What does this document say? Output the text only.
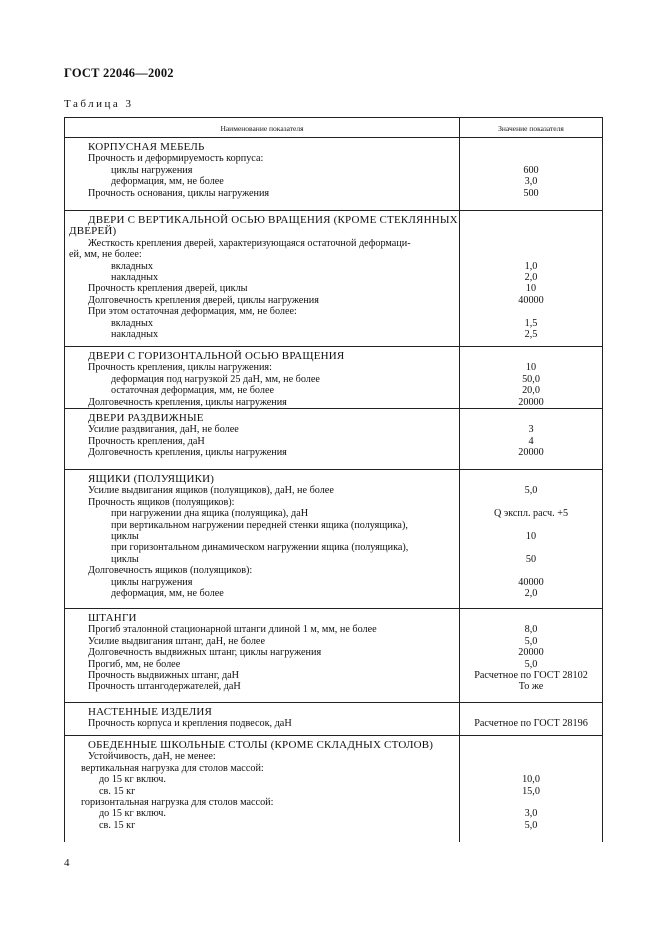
ГОСТ 22046—2002
Таблица 3
Наименование показателя	Значение показателя
КОРПУСНАЯ МЕБЕЛЬ
Прочность и деформируемость корпуса:
циклы нагружения	600
деформация, мм, не более	3,0
Прочность основания, циклы нагружения	500
ДВЕРИ С ВЕРТИКАЛЬНОЙ ОСЬЮ ВРАЩЕНИЯ (КРОМЕ СТЕКЛЯННЫХ
ДВЕРЕЙ)
Жесткость крепления дверей, характеризующаяся остаточной деформаци-
ей, мм, не более:
вкладных	1,0
накладных	2,0
Прочность крепления дверей, циклы	10
Долговечность крепления дверей, циклы нагружения	40000
При этом остаточная деформация, мм, не более:
вкладных	1,5
накладных	2,5
ДВЕРИ С ГОРИЗОНТАЛЬНОЙ ОСЬЮ ВРАЩЕНИЯ
Прочность крепления, циклы нагружения:	10
деформация под нагрузкой 25 даН, мм, не более	50,0
остаточная деформация, мм, не более	20,0
Долговечность крепления, циклы нагружения	20000
ДВЕРИ РАЗДВИЖНЫЕ
Усилие раздвигания, даН, не более	3
Прочность крепления, даН	4
Долговечность крепления, циклы нагружения	20000
ЯЩИКИ (ПОЛУЯЩИКИ)
Усилие выдвигания ящиков (полуящиков), даН, не более	5,0
Прочность ящиков (полуящиков):
при нагружении дна ящика (полуящика), даН	Q экспл. расч. +5
при вертикальном нагружении передней стенки ящика (полуящика),
циклы	10
при горизонтальном динамическом нагружении ящика (полуящика),
циклы	50
Долговечность ящиков (полуящиков):
циклы нагружения	40000
деформация, мм, не более	2,0
ШТАНГИ
Прогиб эталонной стационарной штанги длиной 1 м, мм, не более	8,0
Усилие выдвигания штанг, даН, не более	5,0
Долговечность выдвижных штанг, циклы нагружения	20000
Прогиб, мм, не более	5,0
Прочность выдвижных штанг, даН	Расчетное по ГОСТ 28102
Прочность штангодержателей, даН	То же
НАСТЕННЫЕ ИЗДЕЛИЯ
Прочность корпуса и крепления подвесок, даН	Расчетное по ГОСТ 28196
ОБЕДЕННЫЕ ШКОЛЬНЫЕ СТОЛЫ (КРОМЕ СКЛАДНЫХ СТОЛОВ)
Устойчивость, даН, не менее:
вертикальная нагрузка для столов массой:
до 15 кг включ.	10,0
св. 15 кг	15,0
горизонтальная нагрузка для столов массой:
до 15 кг включ.	3,0
св. 15 кг	5,0
4
